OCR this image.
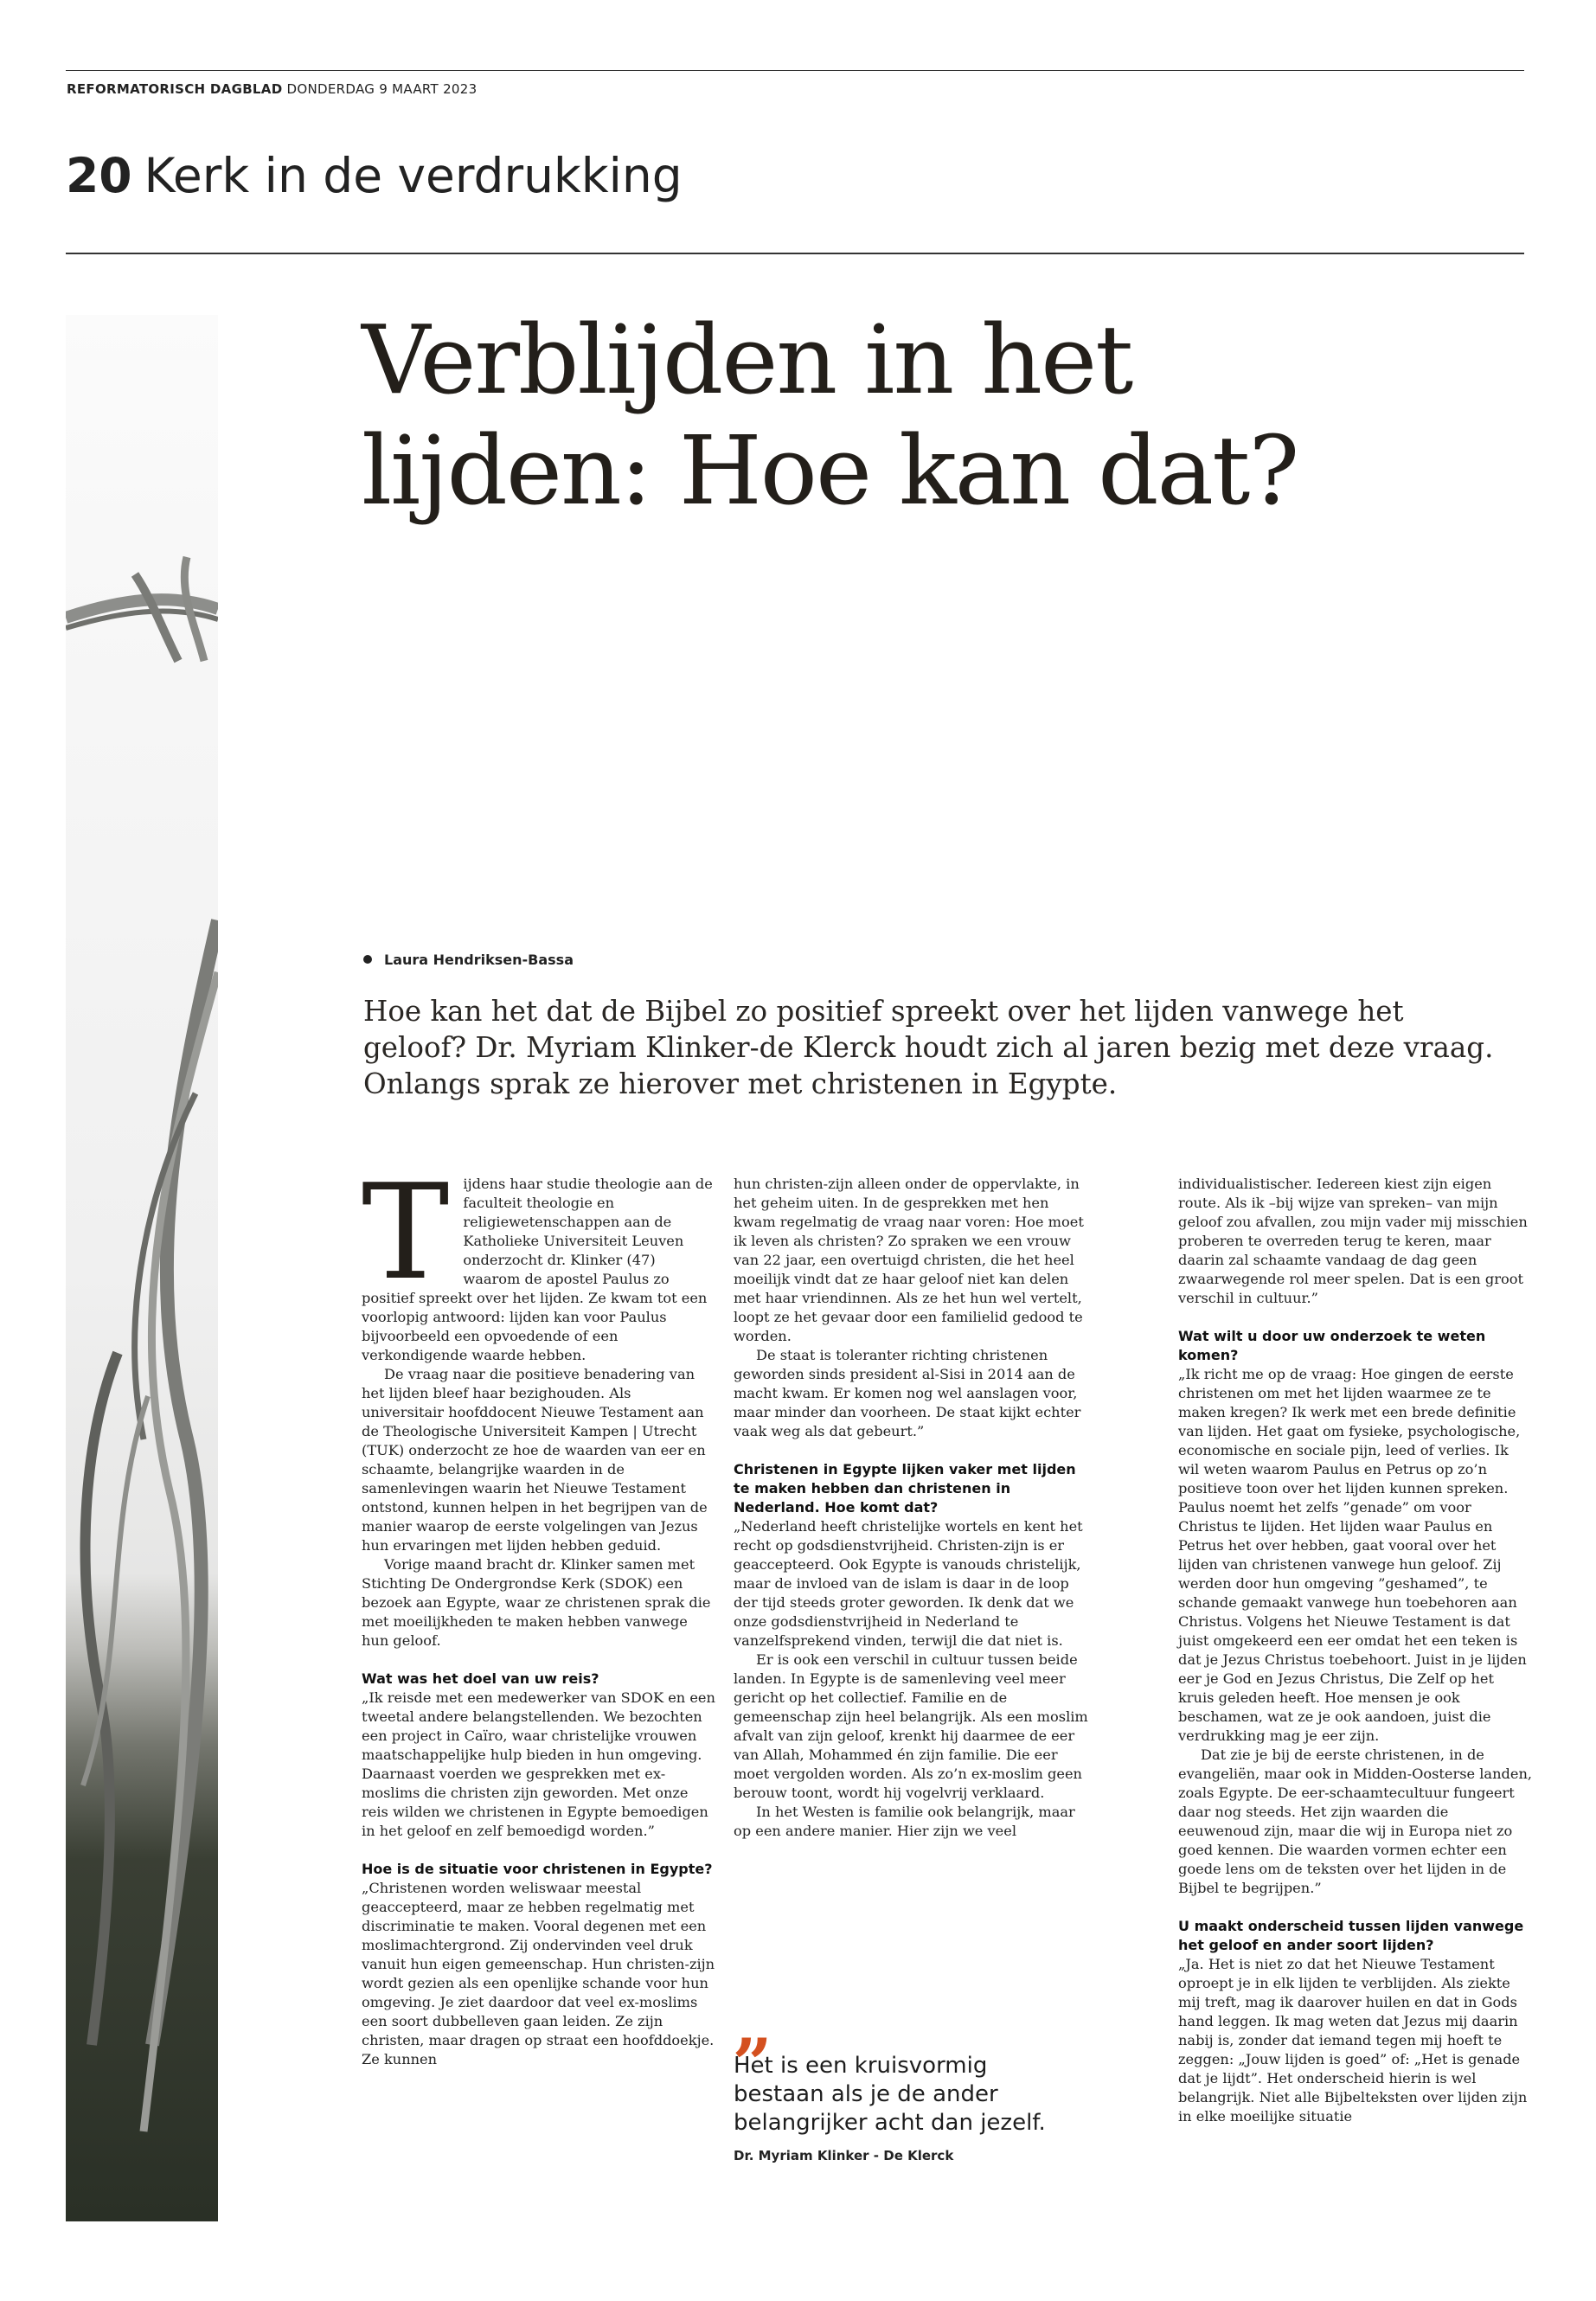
REFORMATORISCH DAGBLAD DONDERDAG 9 MAART 2023
20 Kerk in de verdrukking
Verblijden in het
lijden: Hoe kan dat?
Laura Hendriksen-Bassa
Hoe kan het dat de Bijbel zo positief spreekt over het lijden vanwege het geloof? Dr. Myriam Klinker-de Klerck houdt zich al jaren bezig met deze vraag. Onlangs sprak ze hierover met christenen in Egypte.

Tijdens haar studie theologie aan de faculteit theologie en religiewetenschappen aan de Katholieke Universiteit Leuven onderzocht dr. Klinker (47) waarom de apostel Paulus zo positief spreekt over het lijden. Ze kwam tot een voorlopig antwoord: lijden kan voor Paulus bijvoorbeeld een opvoedende of een verkondigende waarde hebben.

De vraag naar die positieve benadering van het lijden bleef haar bezighouden. Als universitair hoofddocent Nieuwe Testament aan de Theologische Universiteit Kampen | Utrecht (TUK) onderzocht ze hoe de waarden van eer en schaamte, belangrijke waarden in de samenlevingen waarin het Nieuwe Testament ontstond, kunnen helpen in het begrijpen van de manier waarop de eerste volgelingen van Jezus hun ervaringen met lijden hebben geduid.

Vorige maand bracht dr. Klinker samen met Stichting De Ondergrondse Kerk (SDOK) een bezoek aan Egypte, waar ze christenen sprak die met moeilijkheden te maken hebben vanwege hun geloof.

Wat was het doel van uw reis?

„Ik reisde met een medewerker van SDOK en een tweetal andere belangstellenden. We bezochten een project in Caïro, waar christelijke vrouwen maatschappelijke hulp bieden in hun omgeving. Daarnaast voerden we gesprekken met ex-moslims die christen zijn geworden. Met onze reis wilden we christenen in Egypte bemoedigen in het geloof en zelf bemoedigd worden.”

Hoe is de situatie voor christenen in Egypte?

„Christenen worden weliswaar meestal geaccepteerd, maar ze hebben regelmatig met discriminatie te maken. Vooral degenen met een moslimachtergrond. Zij ondervinden veel druk vanuit hun eigen gemeenschap. Hun christen-zijn wordt gezien als een openlijke schande voor hun omgeving. Je ziet daardoor dat veel ex-moslims een soort dubbelleven gaan leiden. Ze zijn christen, maar dragen op straat een hoofddoekje. Ze kunnen

hun christen-zijn alleen onder de oppervlakte, in het geheim uiten. In de gesprekken met hen kwam regelmatig de vraag naar voren: Hoe moet ik leven als christen? Zo spraken we een vrouw van 22 jaar, een overtuigd christen, die het heel moeilijk vindt dat ze haar geloof niet kan delen met haar vriendinnen. Als ze het hun wel vertelt, loopt ze het gevaar door een familielid gedood te worden.

De staat is toleranter richting christenen geworden sinds president al-Sisi in 2014 aan de macht kwam. Er komen nog wel aanslagen voor, maar minder dan voorheen. De staat kijkt echter vaak weg als dat gebeurt.”

Christenen in Egypte lijken vaker met lijden te maken hebben dan christenen in Nederland. Hoe komt dat?

„Nederland heeft christelijke wortels en kent het recht op godsdienstvrijheid. Christen-zijn is er geaccepteerd. Ook Egypte is vanouds christelijk, maar de invloed van de islam is daar in de loop der tijd steeds groter geworden. Ik denk dat we onze godsdienstvrijheid in Nederland te vanzelfsprekend vinden, terwijl die dat niet is.

Er is ook een verschil in cultuur tussen beide landen. In Egypte is de samenleving veel meer gericht op het collectief. Familie en de gemeenschap zijn heel belangrijk. Als een moslim afvalt van zijn geloof, krenkt hij daarmee de eer van Allah, Mohammed én zijn familie. Die eer moet vergolden worden. Als zo’n ex-moslim geen berouw toont, wordt hij vogelvrij verklaard.

In het Westen is familie ook belangrijk, maar op een andere manier. Hier zijn we veel

„
Het is een kruisvormig bestaan als je de ander belangrijker acht dan jezelf.
Dr. Myriam Klinker - De Klerck

individualistischer. Iedereen kiest zijn eigen route. Als ik –bij wijze van spreken– van mijn geloof zou afvallen, zou mijn vader mij misschien proberen te overreden terug te keren, maar daarin zal schaamte vandaag de dag geen zwaarwegende rol meer spelen. Dat is een groot verschil in cultuur.”

Wat wilt u door uw onderzoek te weten komen?

„Ik richt me op de vraag: Hoe gingen de eerste christenen om met het lijden waarmee ze te maken kregen? Ik werk met een brede definitie van lijden. Het gaat om fysieke, psychologische, economische en sociale pijn, leed of verlies. Ik wil weten waarom Paulus en Petrus op zo’n positieve toon over het lijden kunnen spreken. Paulus noemt het zelfs ”genade” om voor Christus te lijden. Het lijden waar Paulus en Petrus het over hebben, gaat vooral over het lijden van christenen vanwege hun geloof. Zij werden door hun omgeving ”geshamed”, te schande gemaakt vanwege hun toebehoren aan Christus. Volgens het Nieuwe Testament is dat juist omgekeerd een eer omdat het een teken is dat je Jezus Christus toebehoort. Juist in je lijden eer je God en Jezus Christus, Die Zelf op het kruis geleden heeft. Hoe mensen je ook beschamen, wat ze je ook aandoen, juist die verdrukking mag je eer zijn.

Dat zie je bij de eerste christenen, in de evangeliën, maar ook in Midden-Oosterse landen, zoals Egypte. De eer-schaamtecultuur fungeert daar nog steeds. Het zijn waarden die eeuwenoud zijn, maar die wij in Europa niet zo goed kennen. Die waarden vormen echter een goede lens om de teksten over het lijden in de Bijbel te begrijpen.”

U maakt onderscheid tussen lijden vanwege het geloof en ander soort lijden?

„Ja. Het is niet zo dat het Nieuwe Testament oproept je in elk lijden te verblijden. Als ziekte mij treft, mag ik daarover huilen en dat in Gods hand leggen. Ik mag weten dat Jezus mij daarin nabij is, zonder dat iemand tegen mij hoeft te zeggen: „Jouw lijden is goed” of: „Het is genade dat je lijdt”. Het onderscheid hierin is wel belangrijk. Niet alle Bijbelteksten over lijden zijn in elke moeilijke situatie
